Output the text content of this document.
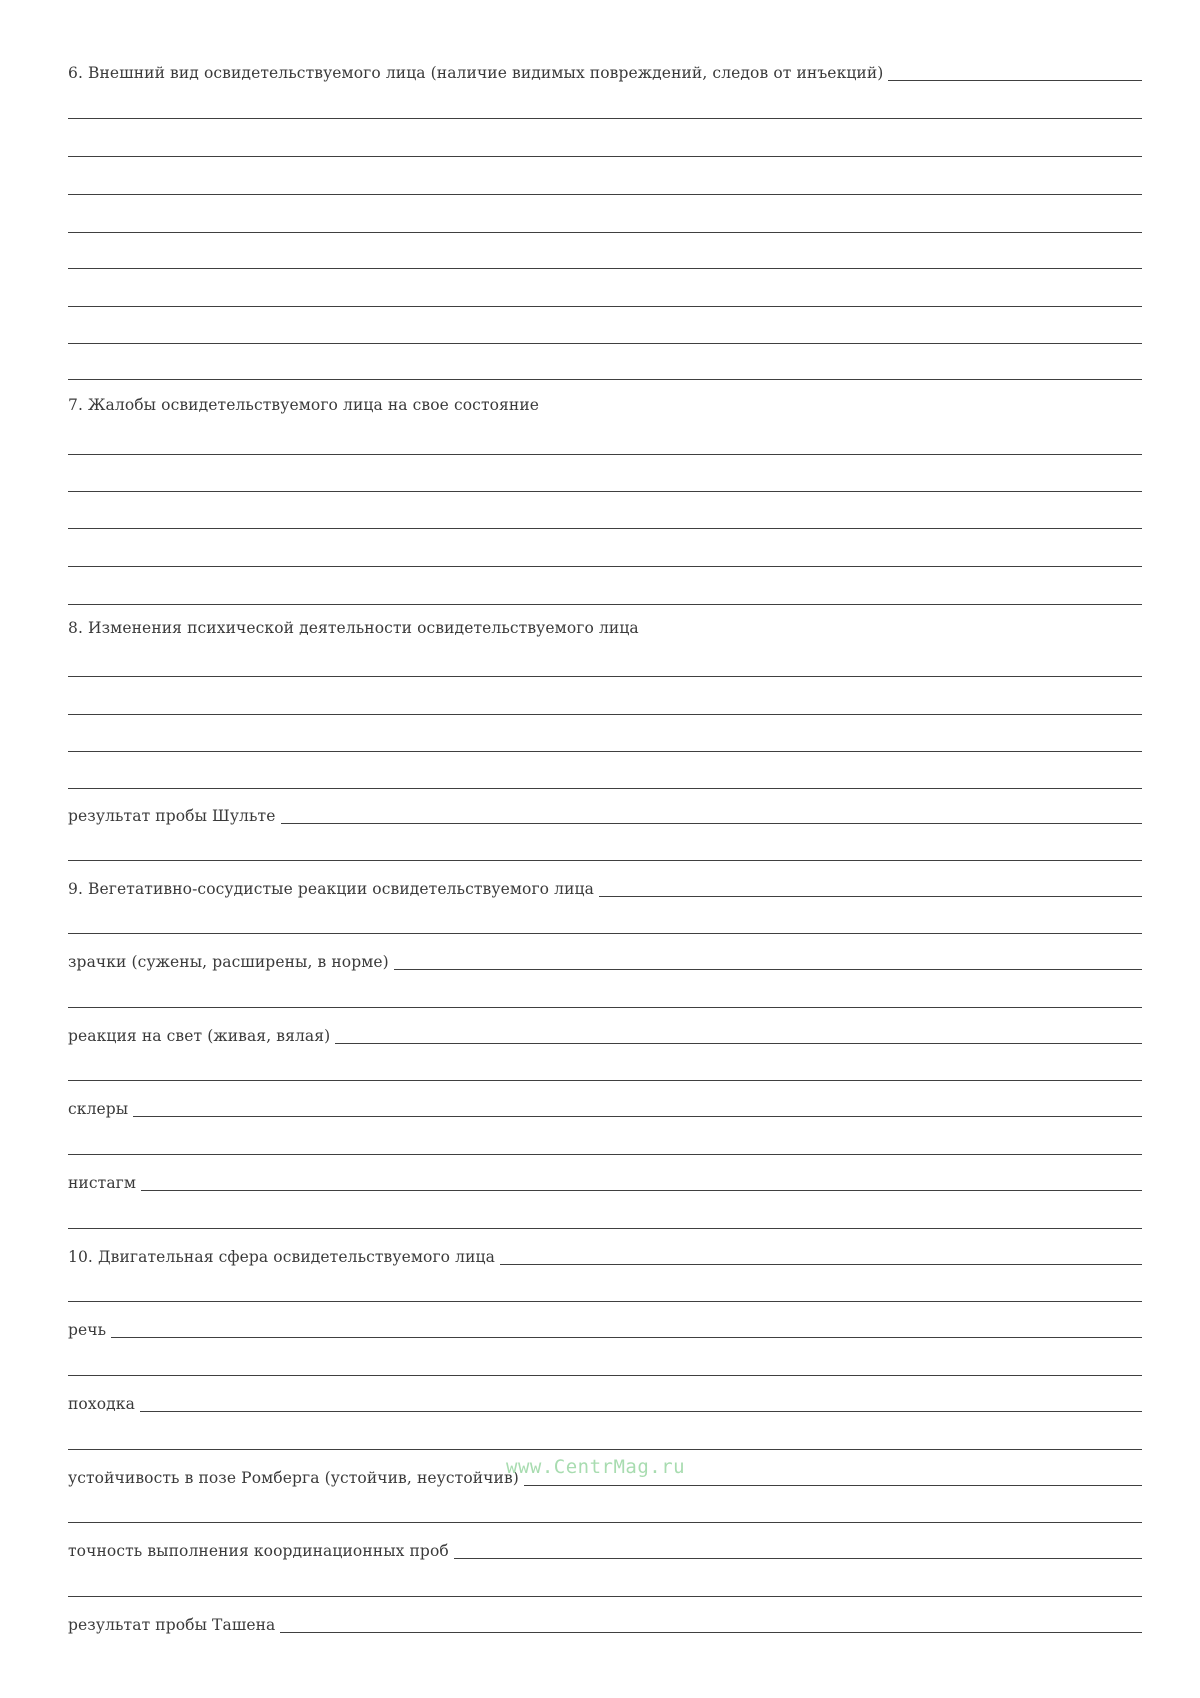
6. Внешний вид освидетельствуемого лица (наличие видимых повреждений, следов от инъекций)
7. Жалобы освидетельствуемого лица на свое состояние
8. Изменения психической деятельности освидетельствуемого лица
результат пробы Шульте
9. Вегетативно-сосудистые реакции освидетельствуемого лица
зрачки (сужены, расширены, в норме)
реакция на свет (живая, вялая)
склеры
нистагм
10. Двигательная сфера освидетельствуемого лица
речь
походка
устойчивость в позе Ромберга (устойчив, неустойчив)
точность выполнения координационных проб
результат пробы Ташена
www.CentrMag.ru
